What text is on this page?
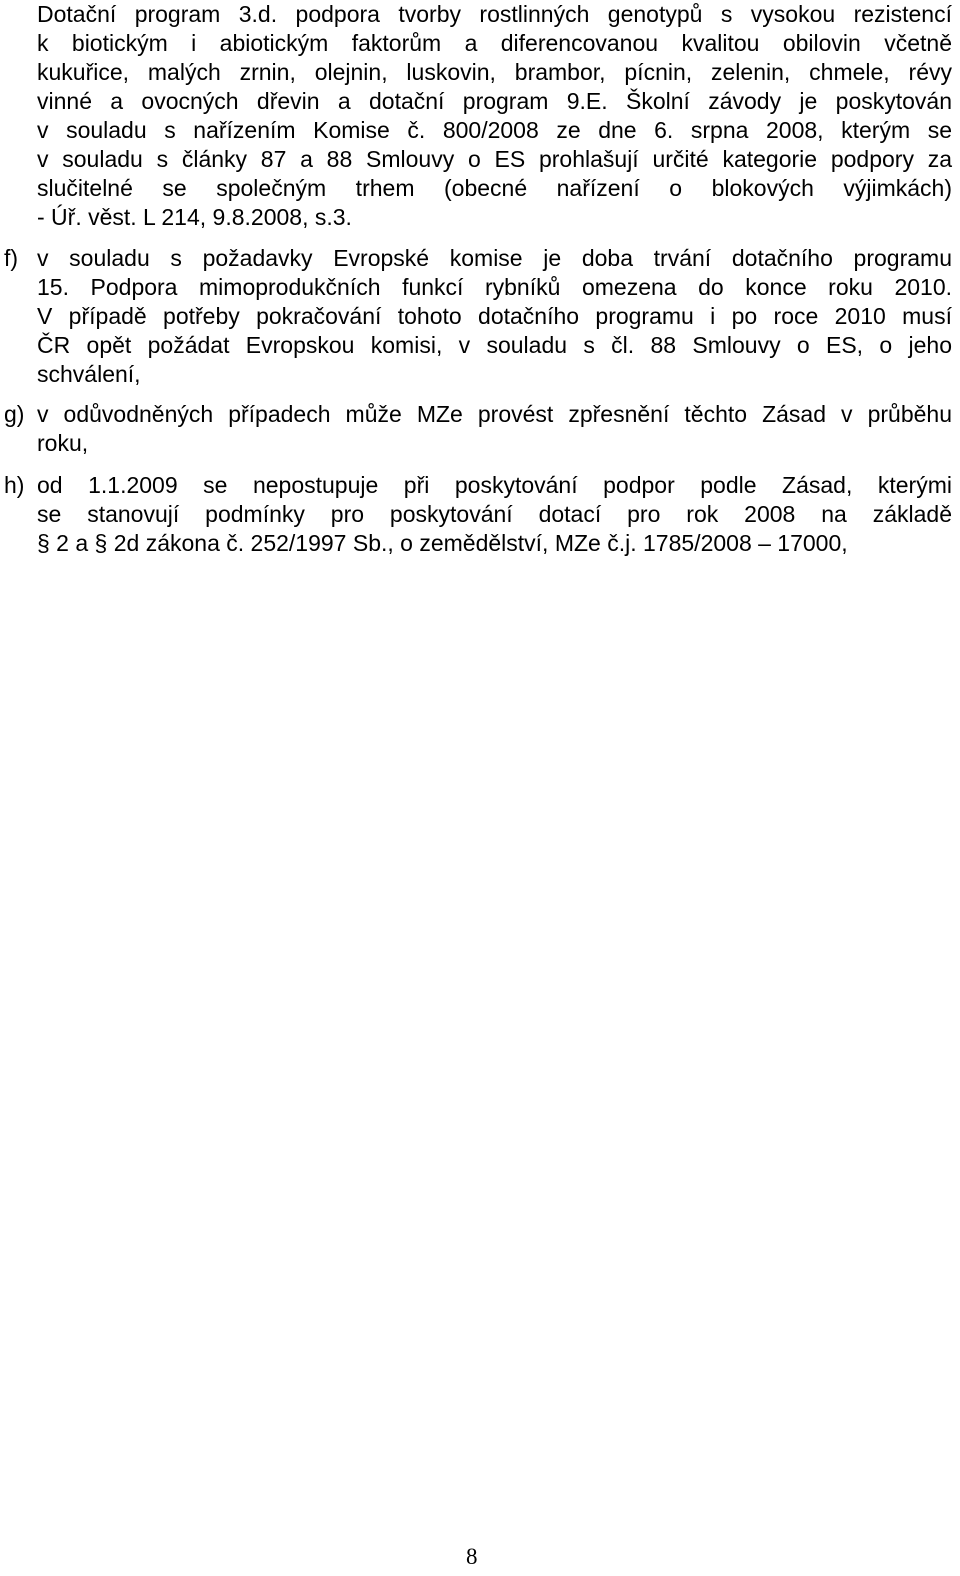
Dotační program 3.d. podpora tvorby rostlinných genotypů s vysokou rezistencí
k biotickým i abiotickým faktorům a diferencovanou kvalitou obilovin včetně
kukuřice, malých zrnin, olejnin, luskovin, brambor, pícnin, zelenin, chmele, révy
vinné a ovocných dřevin a dotační program 9.E. Školní závody je poskytován
v souladu s nařízením Komise č. 800/2008 ze dne 6. srpna 2008, kterým se
v souladu s články 87 a 88 Smlouvy o ES prohlašují určité kategorie podpory za
slučitelné se společným trhem (obecné nařízení o blokových výjimkách)
- Úř. věst. L 214, 9.8.2008, s.3.
f) v souladu s požadavky Evropské komise je doba trvání dotačního programu
15. Podpora mimoprodukčních funkcí rybníků omezena do konce roku 2010.
V případě potřeby pokračování tohoto dotačního programu i po roce 2010 musí
ČR opět požádat Evropskou komisi, v souladu s čl. 88 Smlouvy o ES, o jeho
schválení,
g) v odůvodněných případech může MZe provést zpřesnění těchto Zásad v průběhu
roku,
h) od 1.1.2009 se nepostupuje při poskytování podpor podle Zásad, kterými
se stanovují podmínky pro poskytování dotací pro rok 2008 na základě
§ 2 a § 2d zákona č. 252/1997 Sb., o zemědělství, MZe č.j. 1785/2008 – 17000,
8
